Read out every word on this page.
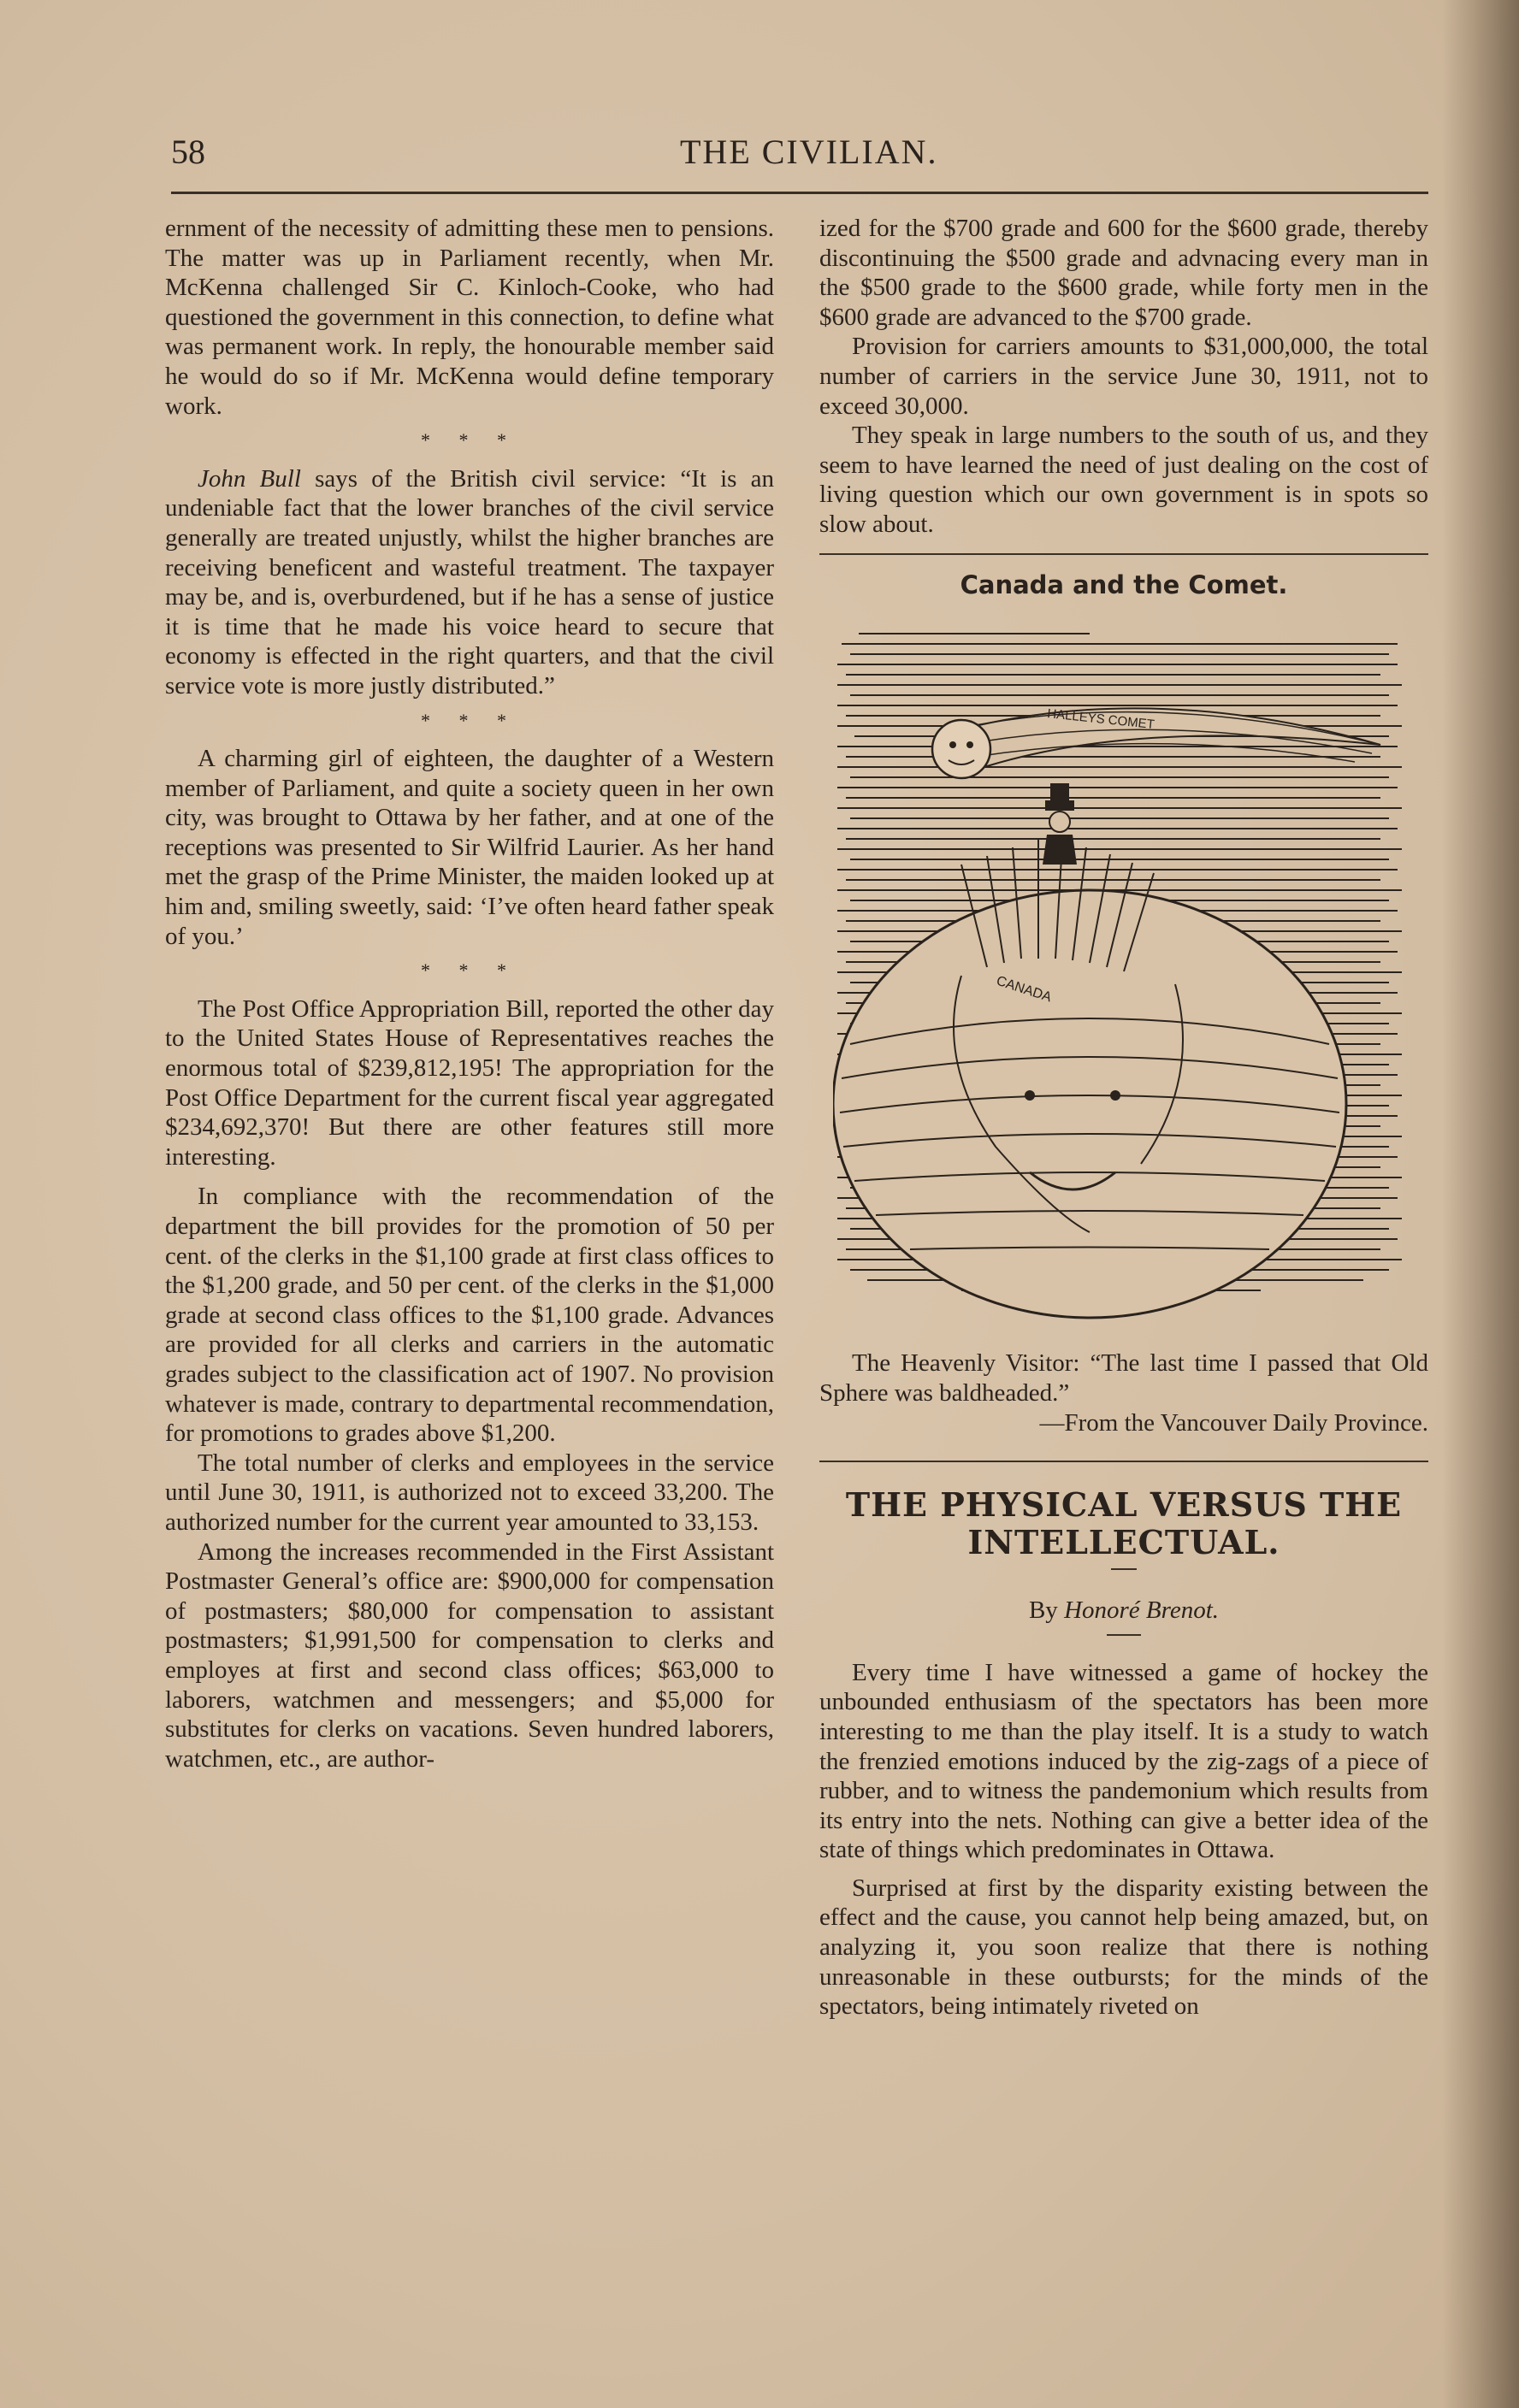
58	THE CIVILIAN.

ernment of the necessity of admitting these men to pensions. The matter was up in Parliament recently, when Mr. McKenna challenged Sir C. Kinloch-Cooke, who had questioned the government in this connection, to define what was permanent work. In reply, the honourable member said he would do so if Mr. McKenna would define temporary work.

* * *

John Bull says of the British civil service: “It is an undeniable fact that the lower branches of the civil service generally are treated unjustly, whilst the higher branches are receiving beneficent and wasteful treatment. The taxpayer may be, and is, overburdened, but if he has a sense of justice it is time that he made his voice heard to secure that economy is effected in the right quarters, and that the civil service vote is more justly distributed.”

* * *

A charming girl of eighteen, the daughter of a Western member of Parliament, and quite a society queen in her own city, was brought to Ottawa by her father, and at one of the receptions was presented to Sir Wilfrid Laurier. As her hand met the grasp of the Prime Minister, the maiden looked up at him and, smiling sweetly, said: ‘I’ve often heard father speak of you.’

* * *

The Post Office Appropriation Bill, reported the other day to the United States House of Representatives reaches the enormous total of $239,812,195! The appropriation for the Post Office Department for the current fiscal year aggregated $234,692,370! But there are other features still more interesting.

In compliance with the recommendation of the department the bill provides for the promotion of 50 per cent. of the clerks in the $1,100 grade at first class offices to the $1,200 grade, and 50 per cent. of the clerks in the $1,000 grade at second class offices to the $1,100 grade. Advances are provided for all clerks and carriers in the automatic grades subject to the classification act of 1907. No provision whatever is made, contrary to departmental recommendation, for promotions to grades above $1,200.

The total number of clerks and employees in the service until June 30, 1911, is authorized not to exceed 33,200. The authorized number for the current year amounted to 33,153.

Among the increases recommended in the First Assistant Postmaster General’s office are: $900,000 for compensation of postmasters; $80,000 for compensation to assistant postmasters; $1,991,500 for compensation to clerks and employes at first and second class offices; $63,000 to laborers, watchmen and messengers; and $5,000 for substitutes for clerks on vacations. Seven hundred laborers, watchmen, etc., are author-

ized for the $700 grade and 600 for the $600 grade, thereby discontinuing the $500 grade and advnacing every man in the $500 grade to the $600 grade, while forty men in the $600 grade are advanced to the $700 grade.

Provision for carriers amounts to $31,000,000, the total number of carriers in the service June 30, 1911, not to exceed 30,000.

They speak in large numbers to the south of us, and they seem to have learned the need of just dealing on the cost of living question which our own government is in spots so slow about.

Canada and the Comet.
HALLEYS COMET
CANADA

The Heavenly Visitor: “The last time I passed that Old Sphere was baldheaded.”

—From the Vancouver Daily Province.
THE PHYSICAL VERSUS THE INTELLECTUAL.
By Honoré Brenot.

Every time I have witnessed a game of hockey the unbounded enthusiasm of the spectators has been more interesting to me than the play itself. It is a study to watch the frenzied emotions induced by the zig-zags of a piece of rubber, and to witness the pandemonium which results from its entry into the nets. Nothing can give a better idea of the state of things which predominates in Ottawa.

Surprised at first by the disparity existing between the effect and the cause, you cannot help being amazed, but, on analyzing it, you soon realize that there is nothing unreasonable in these outbursts; for the minds of the spectators, being intimately riveted on
